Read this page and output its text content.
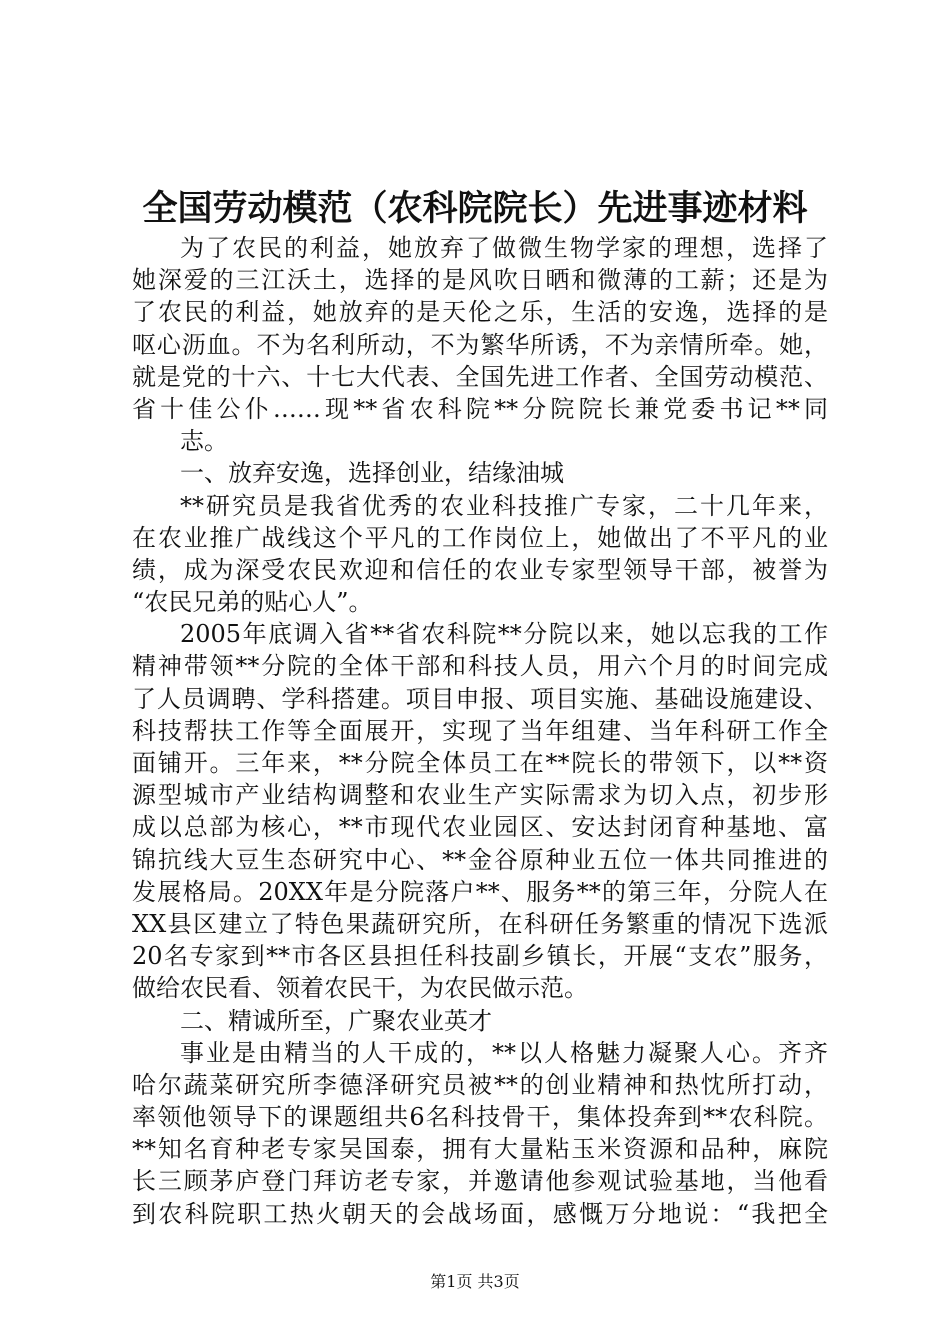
全国劳动模范（农科院院长）先进事迹材料
为了农民的利益，她放弃了做微生物学家的理想，选择了
她深爱的三江沃土，选择的是风吹日晒和微薄的工薪；还是为
了农民的利益，她放弃的是天伦之乐，生活的安逸，选择的是
呕心沥血。不为名利所动，不为繁华所诱，不为亲情所牵。她，
就是党的十六、十七大代表、全国先进工作者、全国劳动模范、
省十佳公仆……现**省农科院**分院院长兼党委书记**同
志。
一、放弃安逸，选择创业，结缘油城
**研究员是我省优秀的农业科技推广专家，二十几年来，
在农业推广战线这个平凡的工作岗位上，她做出了不平凡的业
绩，成为深受农民欢迎和信任的农业专家型领导干部，被誉为
“农民兄弟的贴心人”。
2005年底调入省**省农科院**分院以来，她以忘我的工作
精神带领**分院的全体干部和科技人员，用六个月的时间完成
了人员调聘、学科搭建。项目申报、项目实施、基础设施建设、
科技帮扶工作等全面展开，实现了当年组建、当年科研工作全
面铺开。三年来，**分院全体员工在**院长的带领下，以**资
源型城市产业结构调整和农业生产实际需求为切入点，初步形
成以总部为核心，**市现代农业园区、安达封闭育种基地、富
锦抗线大豆生态研究中心、**金谷原种业五位一体共同推进的
发展格局。20XX年是分院落户**、服务**的第三年，分院人在
XX县区建立了特色果蔬研究所，在科研任务繁重的情况下选派
20名专家到**市各区县担任科技副乡镇长，开展“支农”服务，
做给农民看、领着农民干，为农民做示范。
二、精诚所至，广聚农业英才
事业是由精当的人干成的，**以人格魅力凝聚人心。齐齐
哈尔蔬菜研究所李德泽研究员被**的创业精神和热忱所打动，
率领他领导下的课题组共6名科技骨干，集体投奔到**农科院。
**知名育种老专家吴国泰，拥有大量粘玉米资源和品种，麻院
长三顾茅庐登门拜访老专家，并邀请他参观试验基地，当他看
到农科院职工热火朝天的会战场面，感慨万分地说：“我把全
第1页 共3页
